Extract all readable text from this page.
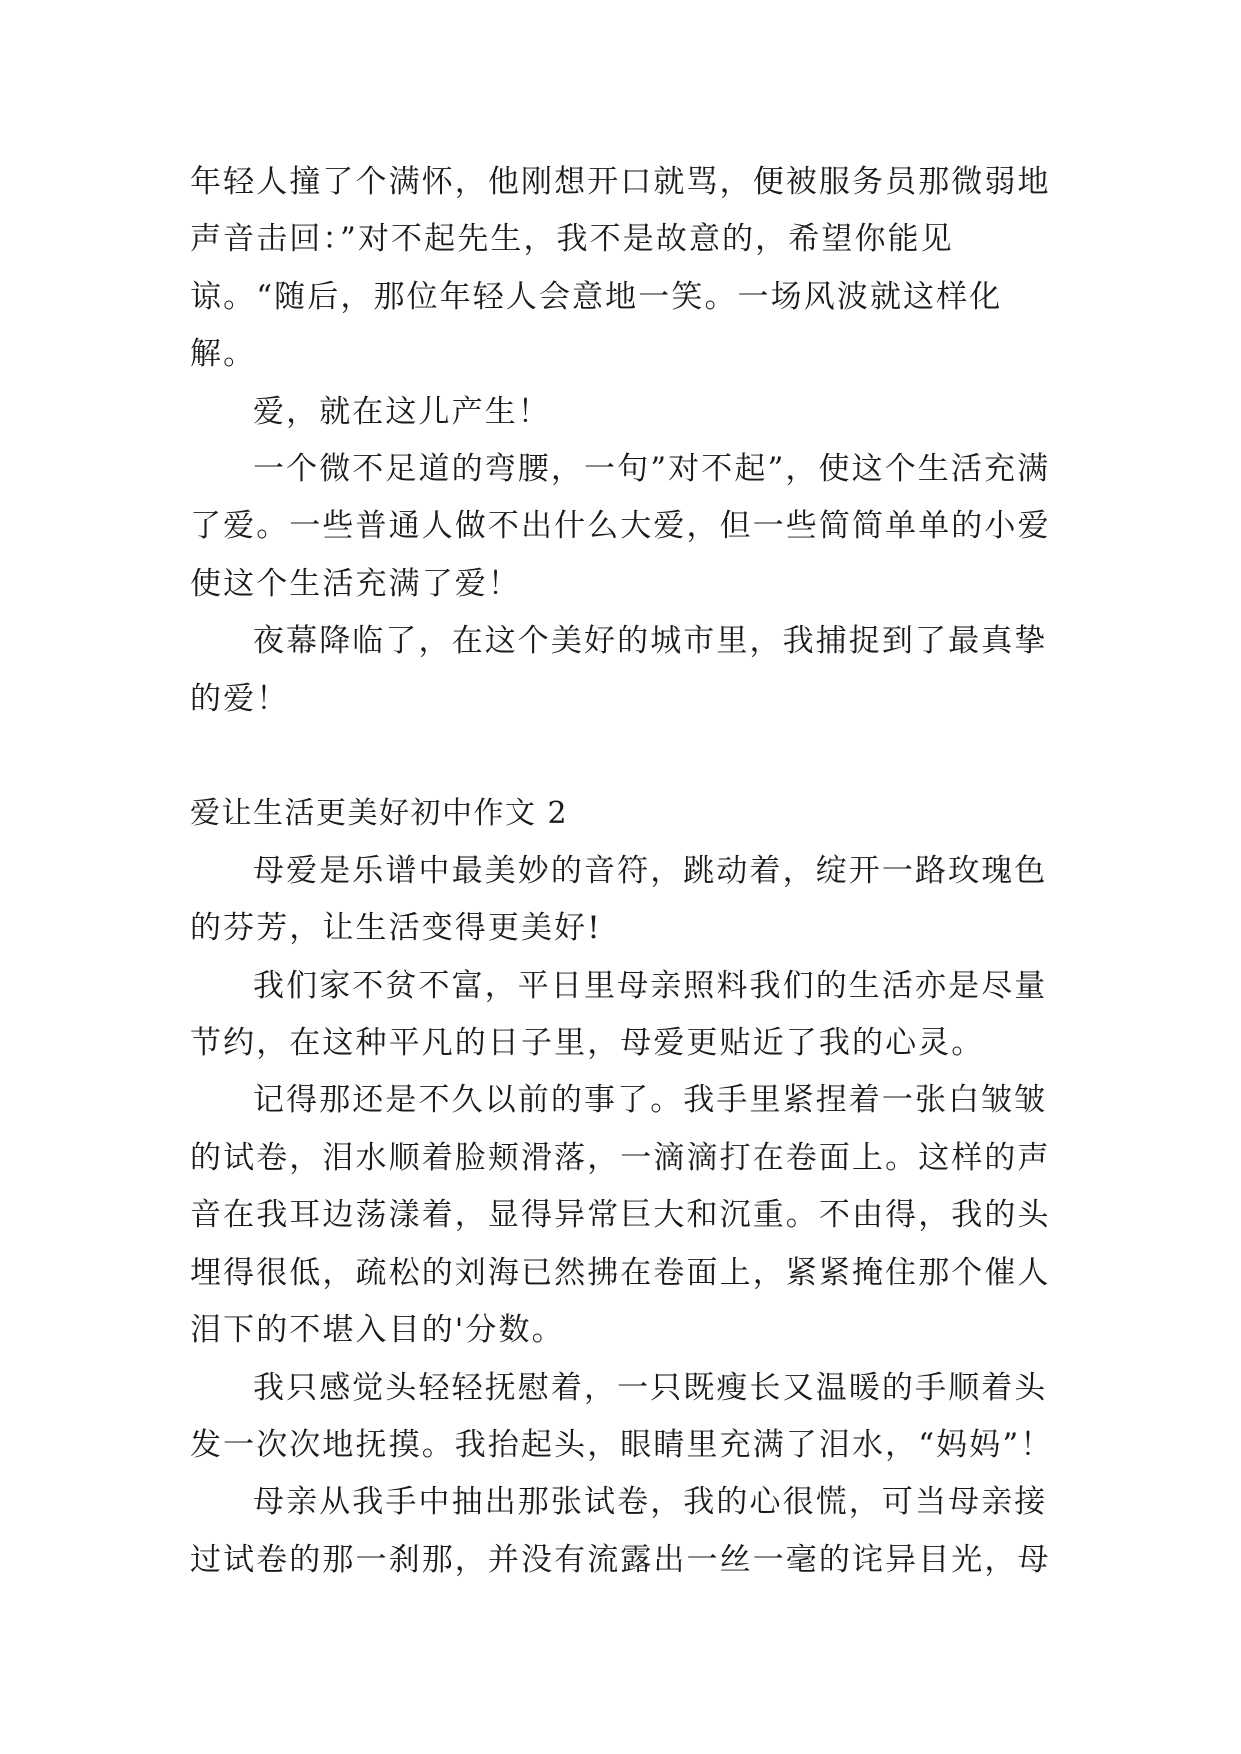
年轻人撞了个满怀，他刚想开口就骂，便被服务员那微弱地声音击回：”对不起先生，我不是故意的，希望你能见谅。“随后，那位年轻人会意地一笑。一场风波就这样化解。

爱，就在这儿产生！

一个微不足道的弯腰，一句”对不起”，使这个生活充满了爱。一些普通人做不出什么大爱，但一些简简单单的小爱使这个生活充满了爱！

夜幕降临了，在这个美好的城市里，我捕捉到了最真挚的爱！

爱让生活更美好初中作文 2

母爱是乐谱中最美妙的音符，跳动着，绽开一路玫瑰色的芬芳，让生活变得更美好!

我们家不贫不富，平日里母亲照料我们的生活亦是尽量节约，在这种平凡的日子里，母爱更贴近了我的心灵。

记得那还是不久以前的事了。我手里紧捏着一张白皱皱的试卷，泪水顺着脸颊滑落，一滴滴打在卷面上。这样的声音在我耳边荡漾着，显得异常巨大和沉重。不由得，我的头埋得很低，疏松的刘海已然拂在卷面上，紧紧掩住那个催人泪下的不堪入目的'分数。

我只感觉头轻轻抚慰着，一只既瘦长又温暖的手顺着头发一次次地抚摸。我抬起头，眼睛里充满了泪水，“妈妈”！

母亲从我手中抽出那张试卷，我的心很慌，可当母亲接过试卷的那一刹那，并没有流露出一丝一毫的诧异目光，母
